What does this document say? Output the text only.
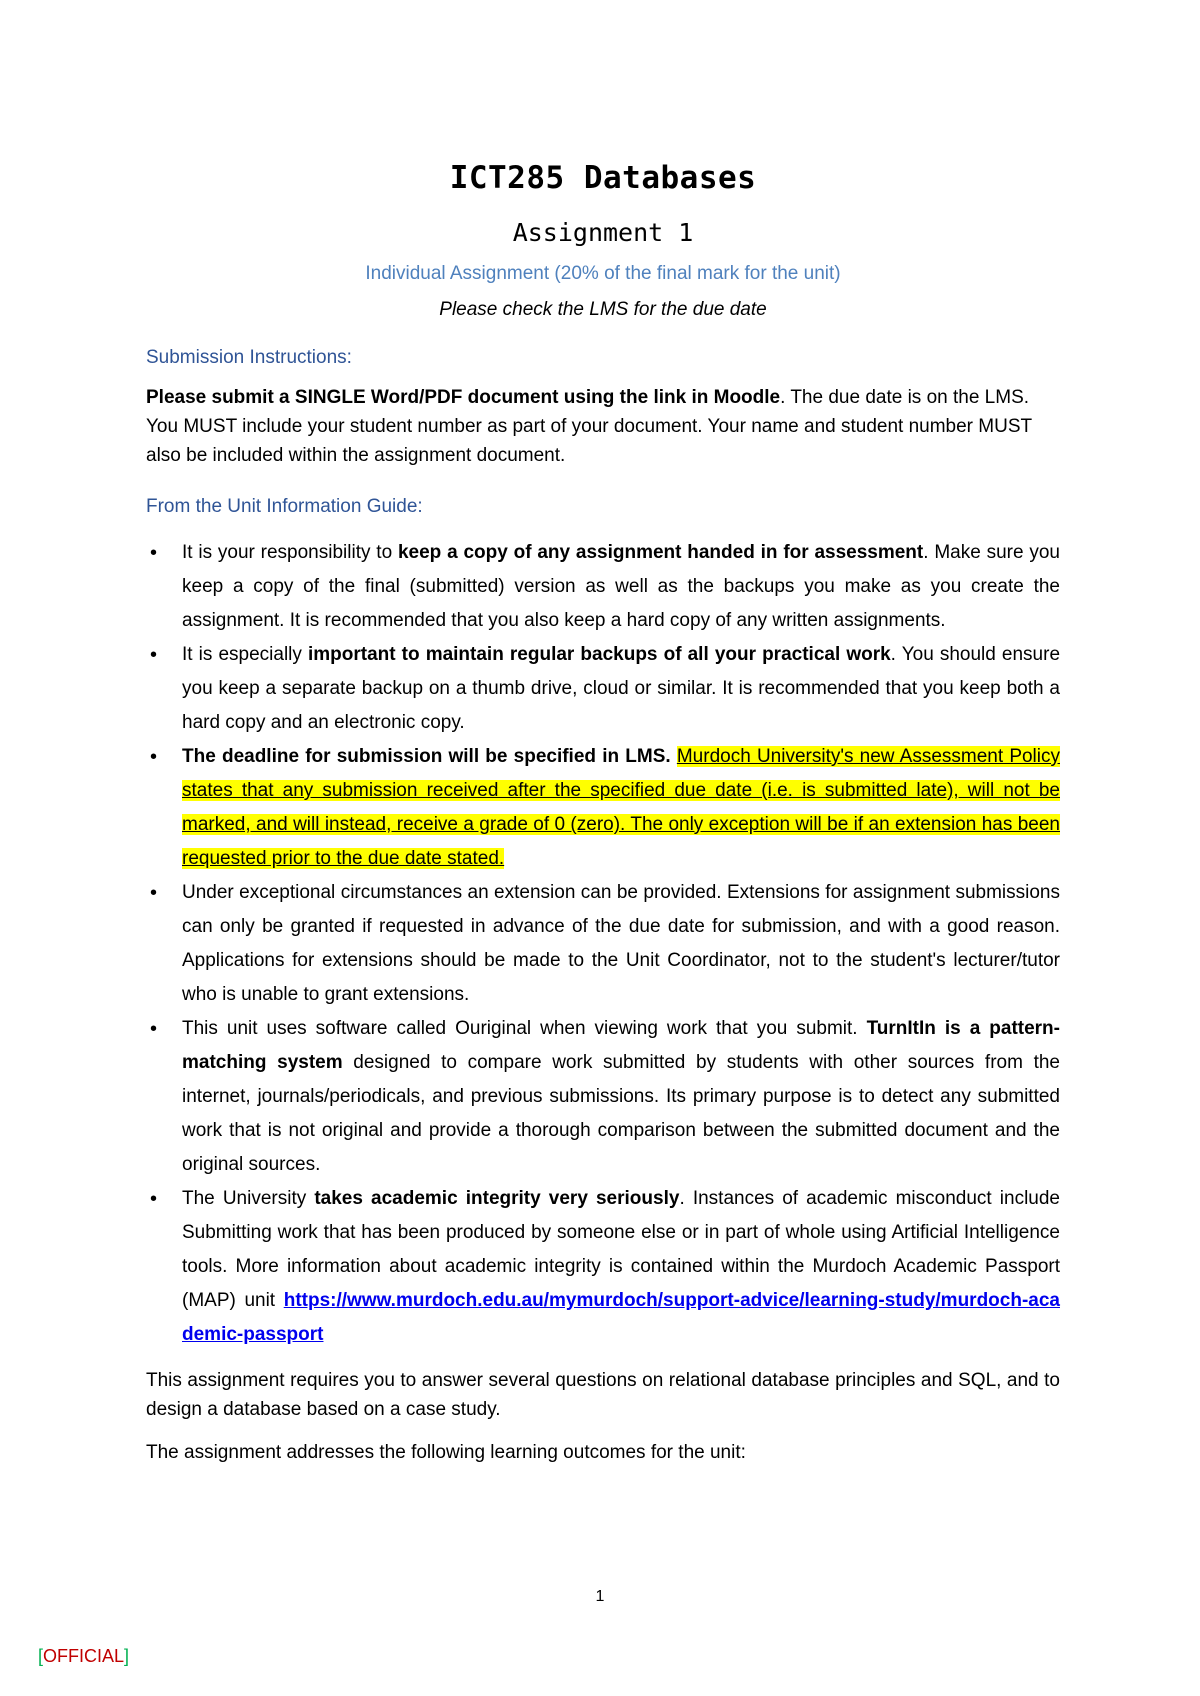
ICT285 Databases
Assignment 1
Individual Assignment (20% of the final mark for the unit)
Please check the LMS for the due date
Submission Instructions:

Please submit a SINGLE Word/PDF document using the link in Moodle. The due date is on the LMS. You MUST include your student number as part of your document. Your name and student number MUST also be included within the assignment document.

From the Unit Information Guide:
• It is your responsibility to keep a copy of any assignment handed in for assessment. Make sure you keep a copy of the final (submitted) version as well as the backups you make as you create the assignment. It is recommended that you also keep a hard copy of any written assignments.
• It is especially important to maintain regular backups of all your practical work. You should ensure you keep a separate backup on a thumb drive, cloud or similar. It is recommended that you keep both a hard copy and an electronic copy.
• The deadline for submission will be specified in LMS. Murdoch University's new Assessment Policy states that any submission received after the specified due date (i.e. is submitted late), will not be marked, and will instead, receive a grade of 0 (zero). The only exception will be if an extension has been requested prior to the due date stated.
• Under exceptional circumstances an extension can be provided. Extensions for assignment submissions can only be granted if requested in advance of the due date for submission, and with a good reason. Applications for extensions should be made to the Unit Coordinator, not to the student's lecturer/tutor who is unable to grant extensions.
• This unit uses software called Ouriginal when viewing work that you submit. TurnItIn is a pattern-matching system designed to compare work submitted by students with other sources from the internet, journals/periodicals, and previous submissions. Its primary purpose is to detect any submitted work that is not original and provide a thorough comparison between the submitted document and the original sources.
• The University takes academic integrity very seriously. Instances of academic misconduct include Submitting work that has been produced by someone else or in part of whole using Artificial Intelligence tools. More information about academic integrity is contained within the Murdoch Academic Passport (MAP) unit https://www.murdoch.edu.au/mymurdoch/support-advice/learning-study/murdoch-academic-passport

This assignment requires you to answer several questions on relational database principles and SQL, and to design a database based on a case study.

The assignment addresses the following learning outcomes for the unit:

1
[OFFICIAL]
